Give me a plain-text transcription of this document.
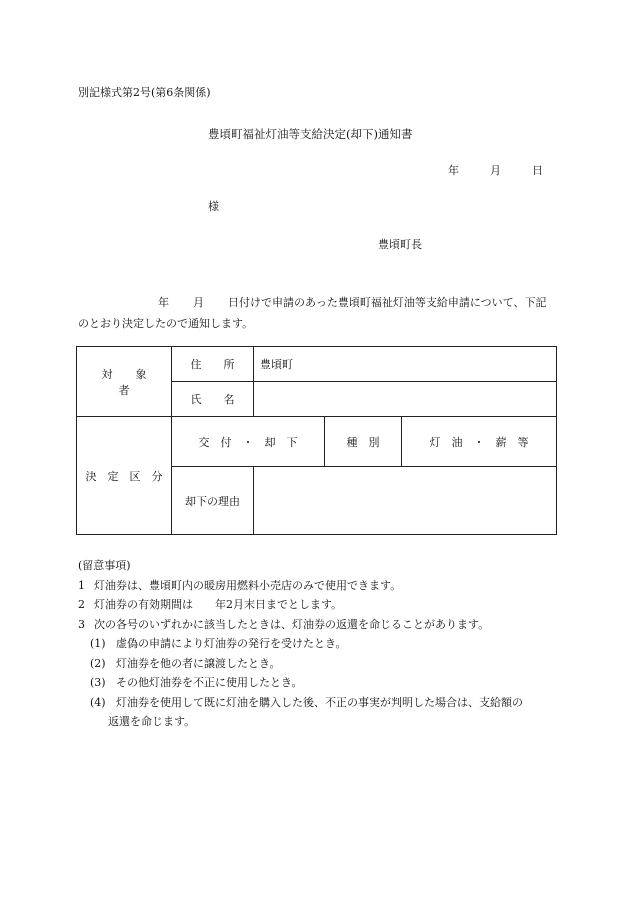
別記様式第2号(第6条関係)
豊頃町福祉灯油等支給決定(却下)通知書
年	月	日
様
豊頃町長
年 月 日付けで申請のあった豊頃町福祉灯油等支給申請について、下記
のとおり決定したので通知します。
対 象者	住　　所	豊頃町		
	氏　　名			
決 定 区 分	交　付　・　却　下		種　別	灯　油　・　薪　等
	却下の理由			
(留意事項)
1 灯油券は、豊頃町内の暖房用燃料小売店のみで使用できます。
2 灯油券の有効期間は　　年2月末日までとします。
3 次の各号のいずれかに該当したときは、灯油券の返還を命じることがあります。
(1) 虚偽の申請により灯油券の発行を受けたとき。
(2) 灯油券を他の者に譲渡したとき。
(3) その他灯油券を不正に使用したとき。
(4) 灯油券を使用して既に灯油を購入した後、不正の事実が判明した場合は、支給額の
返還を命じます。
